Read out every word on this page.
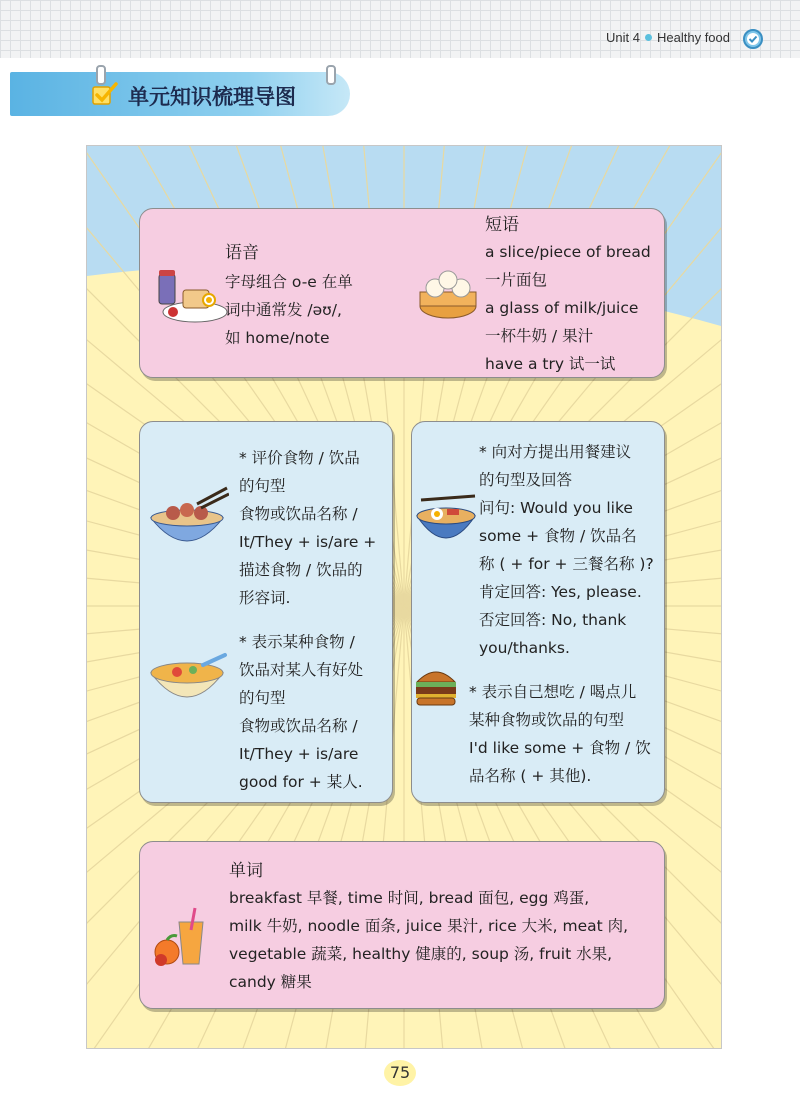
Unit 4 Healthy food
单元知识梳理导图
语音
字母组合 o-e 在单
词中通常发 /əʊ/,
如 home/note
短语
a slice/piece of bread
一片面包
a glass of milk/juice
一杯牛奶 / 果汁
have a try 试一试
* 评价食物 / 饮品
的句型
食物或饮品名称 /
It/They + is/are +
描述食物 / 饮品的
形容词.
* 表示某种食物 /
饮品对某人有好处
的句型
食物或饮品名称 /
It/They + is/are
good for + 某人.
* 向对方提出用餐建议
的句型及回答
问句: Would you like
some + 食物 / 饮品名
称 ( + for + 三餐名称 )?
肯定回答: Yes, please.
否定回答: No, thank
you/thanks.
* 表示自己想吃 / 喝点儿
某种食物或饮品的句型
I'd like some + 食物 / 饮
品名称 ( + 其他).
单词
breakfast 早餐, time 时间, bread 面包, egg 鸡蛋,
milk 牛奶, noodle 面条, juice 果汁, rice 大米, meat 肉,
vegetable 蔬菜, healthy 健康的, soup 汤, fruit 水果,
candy 糖果
75
